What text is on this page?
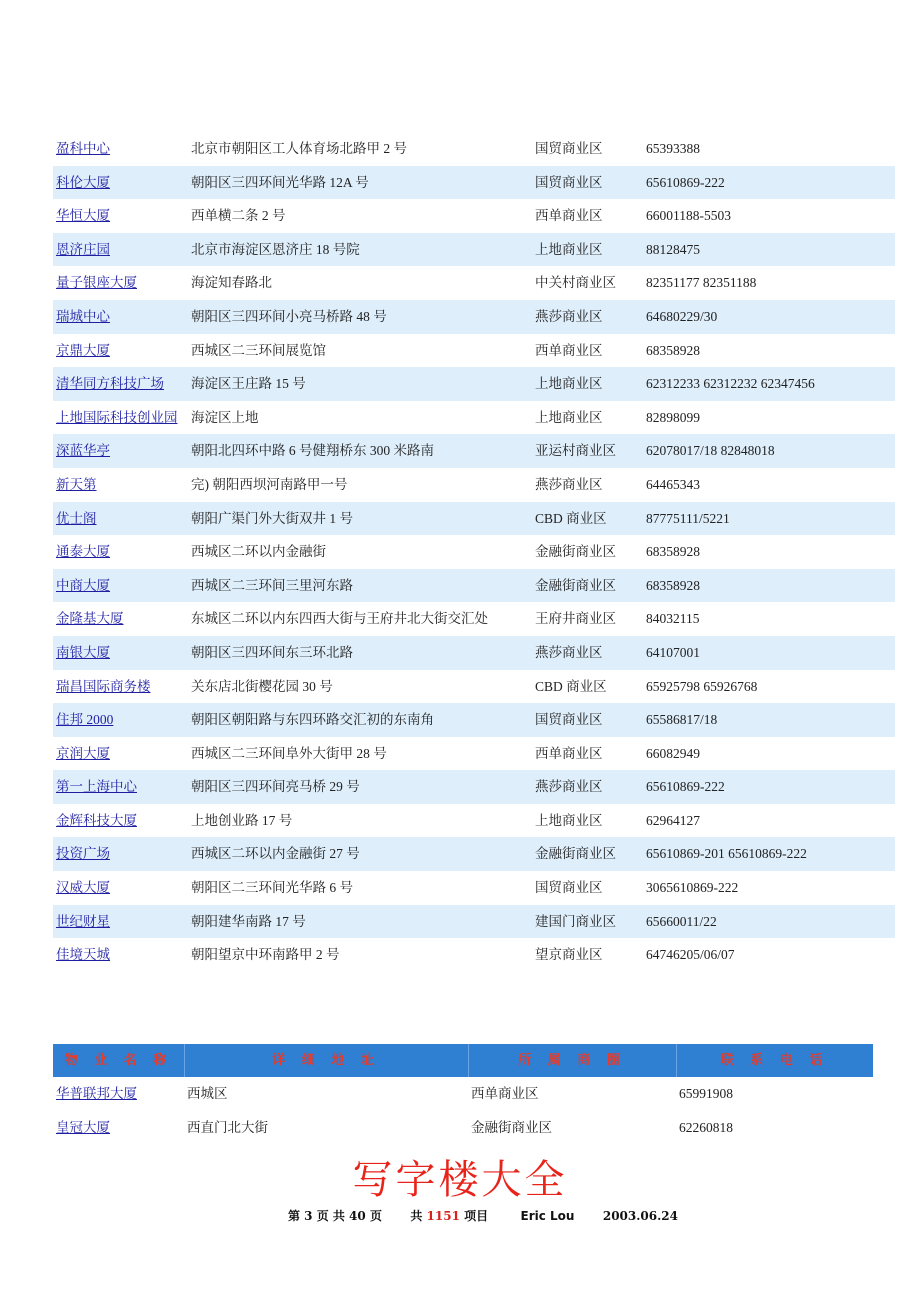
盈科中心	北京市朝阳区工人体育场北路甲 2 号	国贸商业区	65393388
科伦大厦	朝阳区三四环间光华路 12A 号	国贸商业区	65610869-222
华恒大厦	西单横二条 2 号	西单商业区	66001188-5503
恩济庄园	北京市海淀区恩济庄 18 号院	上地商业区	88128475
量子银座大厦	海淀知春路北	中关村商业区 82351177 82351188
瑞城中心	朝阳区三四环间小亮马桥路 48 号	燕莎商业区	64680229/30
京鼎大厦	西城区二三环间展览馆	西单商业区	68358928
清华同方科技广场 海淀区王庄路 15 号	上地商业区	62312233 62312232 62347456
上地国际科技创业园 海淀区上地	上地商业区	82898099
深蓝华亭	朝阳北四环中路 6 号健翔桥东 300 米路南	亚运村商业区 62078017/18 82848018
新天第	完) 朝阳西坝河南路甲一号	燕莎商业区	64465343
优士阁	朝阳广渠门外大街双井 1 号	CBD 商业区	87775111/5221
通泰大厦	西城区二环以内金融街	金融街商业区 68358928
中商大厦	西城区二三环间三里河东路	金融街商业区 68358928
金隆基大厦	东城区二环以内东四西大街与王府井北大街交汇处	王府井商业区 84032115
南银大厦	朝阳区三四环间东三环北路	燕莎商业区	64107001
瑞昌国际商务楼	关东店北街樱花园 30 号	CBD 商业区	65925798 65926768
住邦 2000	朝阳区朝阳路与东四环路交汇初的东南角	国贸商业区	65586817/18
京润大厦	西城区二三环间阜外大街甲 28 号	西单商业区	66082949
第一上海中心	朝阳区三四环间亮马桥 29 号	燕莎商业区	65610869-222
金辉科技大厦	上地创业路 17 号	上地商业区	62964127
投资广场	西城区二环以内金融街 27 号	金融街商业区 65610869-201 65610869-222
汉威大厦	朝阳区二三环间光华路 6 号	国贸商业区	3065610869-222
世纪财星	朝阳建华南路 17 号	建国门商业区 65660011/22
佳境天城	朝阳望京中环南路甲 2 号	望京商业区	64746205/06/07
物 业 名 称	详 细 地 址	所 属 商 圈	联 系 电 话
华普联邦大厦	西城区	西单商业区	65991908
皇冠大厦	西直门北大街	金融街商业区	62260818
写字楼大全
第 3 页 共 40 页 共 1151 项目	Eric Lou 2003.06.24
